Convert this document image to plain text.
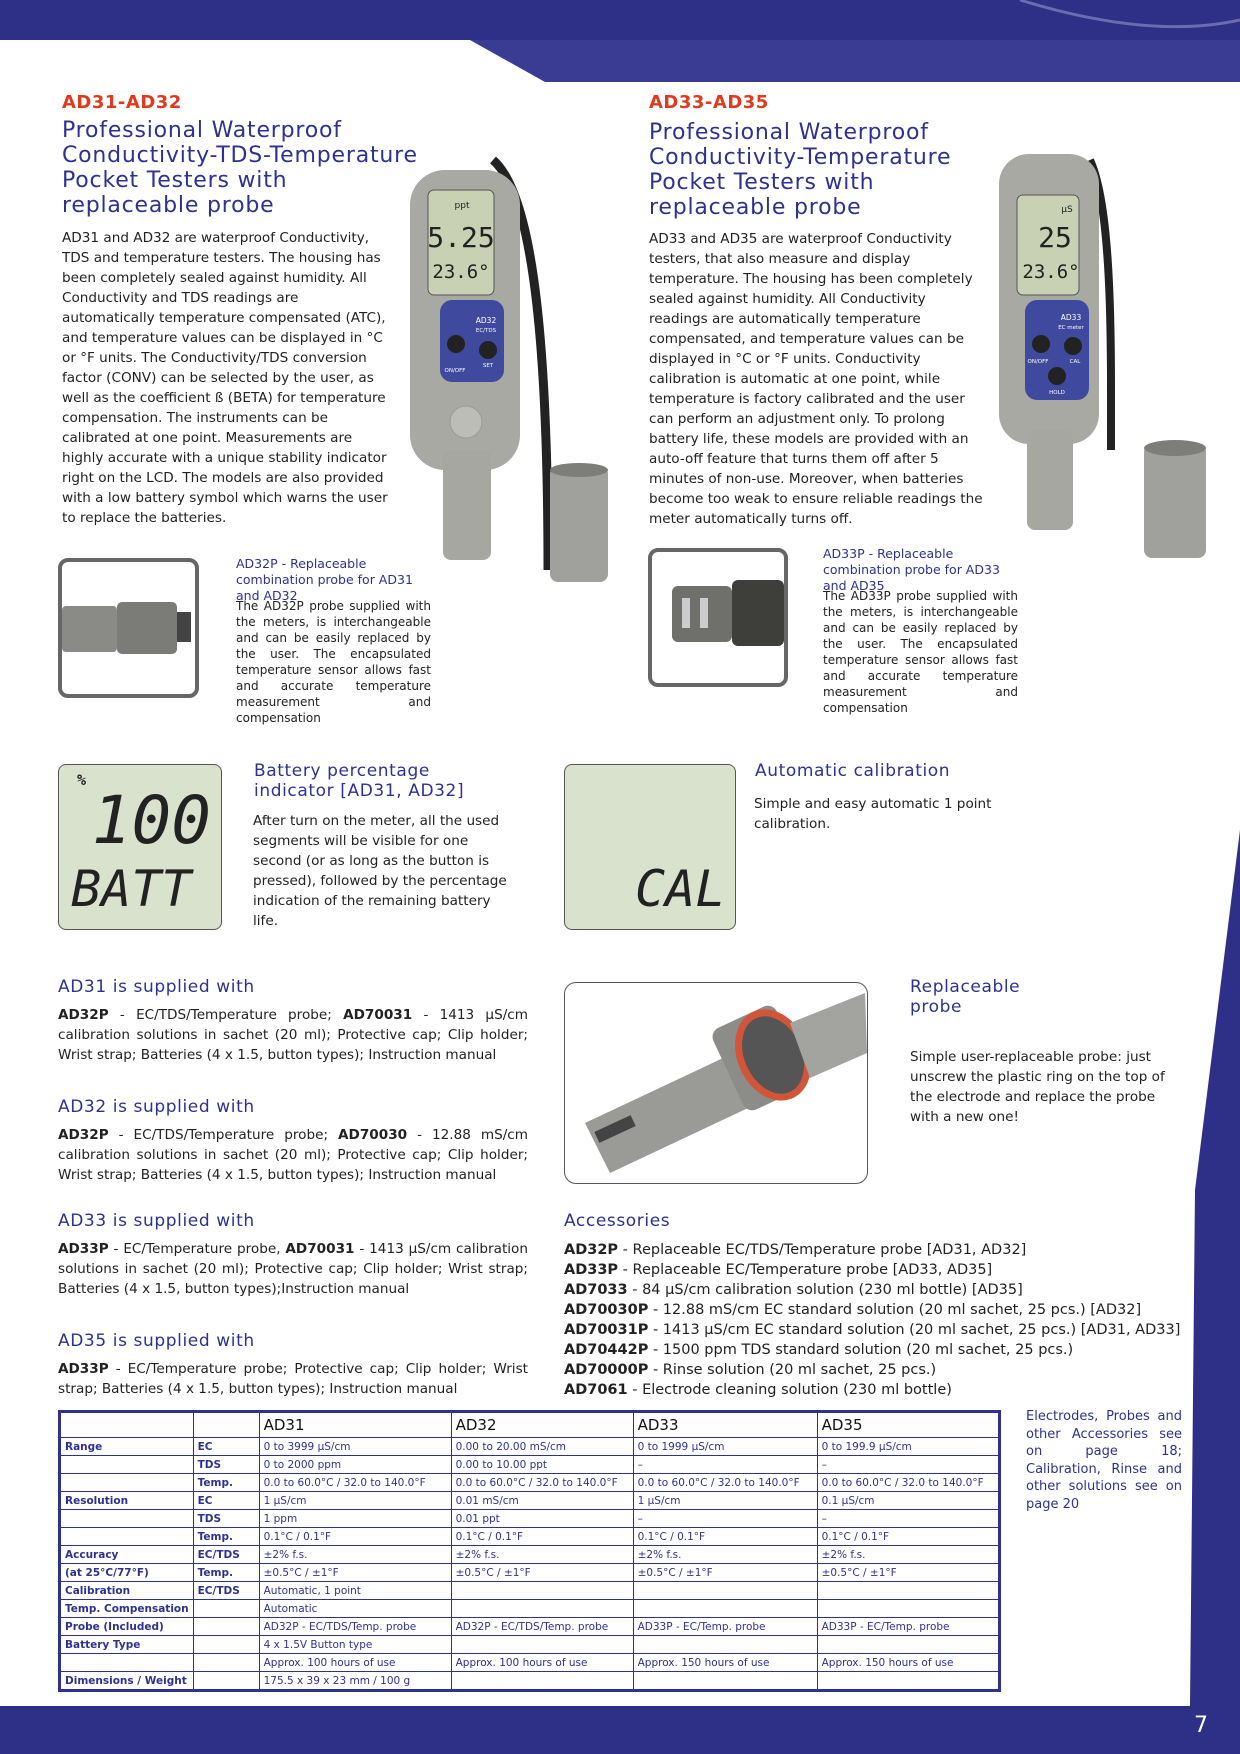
7
AD31-AD32
Professional Waterproof
Conductivity-TDS-Temperature
Pocket Testers with
replaceable probe
AD31 and AD32 are waterproof Conductivity, TDS and temperature testers. The housing has been completely sealed against humidity. All Conductivity and TDS readings are automatically temperature compensated (ATC), and temperature values can be displayed in °C or °F units. The Conductivity/TDS conversion factor (CONV) can be selected by the user, as well as the coefficient ß (BETA) for temperature compensation. The instruments can be calibrated at one point. Measurements are highly accurate with a unique stability indicator right on the LCD. The models are also provided with a low battery symbol which warns the user to replace the batteries.
ppt
5.25
23.6°
AD32
EC/TDS
ON/OFF
SET
AD32P - Replaceable combination probe for AD31 and AD32
The AD32P probe supplied with the meters, is interchangeable and can be easily replaced by the user. The encapsulated temperature sensor allows fast and accurate temperature measurement and compensation
AD33-AD35
Professional Waterproof
Conductivity-Temperature
Pocket Testers with
replaceable probe
AD33 and AD35 are waterproof Conductivity testers, that also measure and display temperature. The housing has been completely sealed against humidity. All Conductivity readings are automatically temperature compensated, and temperature values can be displayed in °C or °F units. Conductivity calibration is automatic at one point, while temperature is factory calibrated and the user can perform an adjustment only. To prolong battery life, these models are provided with an auto-off feature that turns them off after 5 minutes of non-use. Moreover, when batteries become too weak to ensure reliable readings the meter automatically turns off.
µS
25
23.6°
AD33
EC meter
ON/OFF	CAL
HOLD
AD33P - Replaceable combination probe for AD33 and AD35
The AD33P probe supplied with the meters, is interchangeable and can be easily replaced by the user. The encapsulated temperature sensor allows fast and accurate temperature measurement and compensation
%
100
BATT
Battery percentage
indicator [AD31, AD32]
After turn on the meter, all the used segments will be visible for one second (or as long as the button is pressed), followed by the percentage indication of the remaining battery life.
CAL
Automatic calibration
Simple and easy automatic 1 point calibration.
Replaceable
probe
Simple user-replaceable probe: just unscrew the plastic ring on the top of the electrode and replace the probe with a new one!
AD31 is supplied with
AD32P - EC/TDS/Temperature probe; AD70031 - 1413 µS/cm calibration solutions in sachet (20 ml); Protective cap; Clip holder; Wrist strap; Batteries (4 x 1.5, button types); Instruction manual
AD32 is supplied with
AD32P - EC/TDS/Temperature probe; AD70030 - 12.88 mS/cm calibration solutions in sachet (20 ml); Protective cap; Clip holder; Wrist strap; Batteries (4 x 1.5, button types); Instruction manual
AD33 is supplied with
AD33P - EC/Temperature probe, AD70031 - 1413 µS/cm calibration solutions in sachet (20 ml); Protective cap; Clip holder; Wrist strap; Batteries (4 x 1.5, button types);Instruction manual
AD35 is supplied with
AD33P - EC/Temperature probe; Protective cap; Clip holder; Wrist strap; Batteries (4 x 1.5, button types); Instruction manual
Accessories
AD32P - Replaceable EC/TDS/Temperature probe [AD31, AD32]
AD33P - Replaceable EC/Temperature probe [AD33, AD35]
AD7033 - 84 µS/cm calibration solution (230 ml bottle) [AD35]
AD70030P - 12.88 mS/cm EC standard solution (20 ml sachet, 25 pcs.) [AD32]
AD70031P - 1413 µS/cm EC standard solution (20 ml sachet, 25 pcs.) [AD31, AD33]
AD70442P - 1500 ppm TDS standard solution (20 ml sachet, 25 pcs.)
AD70000P - Rinse solution (20 ml sachet, 25 pcs.)
AD7061 - Electrode cleaning solution (230 ml bottle)
Electrodes, Probes and other Accessories see on page 18; Calibration, Rinse and other solutions see on page 20
		AD31	AD32	AD33	AD35
Range	EC	0 to 3999 µS/cm	0.00 to 20.00 mS/cm	0 to 1999 µS/cm	0 to 199.9 µS/cm
	TDS	0 to 2000 ppm	0.00 to 10.00 ppt	–	–
	Temp.	0.0 to 60.0°C / 32.0 to 140.0°F	0.0 to 60.0°C / 32.0 to 140.0°F	0.0 to 60.0°C / 32.0 to 140.0°F	0.0 to 60.0°C / 32.0 to 140.0°F
Resolution	EC	1 µS/cm	0.01 mS/cm	1 µS/cm	0.1 µS/cm
	TDS	1 ppm	0.01 ppt	–	–
	Temp.	0.1°C / 0.1°F	0.1°C / 0.1°F	0.1°C / 0.1°F	0.1°C / 0.1°F
Accuracy	EC/TDS	±2% f.s.	±2% f.s.	±2% f.s.	±2% f.s.
(at 25°C/77°F)	Temp.	±0.5°C / ±1°F	±0.5°C / ±1°F	±0.5°C / ±1°F	±0.5°C / ±1°F
Calibration	EC/TDS	Automatic, 1 point			
Temp. Compensation		Automatic			
Probe (Included)		AD32P - EC/TDS/Temp. probe	AD32P - EC/TDS/Temp. probe	AD33P - EC/Temp. probe	AD33P - EC/Temp. probe
Battery Type		4 x 1.5V Button type			
		Approx. 100 hours of use	Approx. 100 hours of use	Approx. 150 hours of use	Approx. 150 hours of use
Dimensions / Weight		175.5 x 39 x 23 mm / 100 g			
